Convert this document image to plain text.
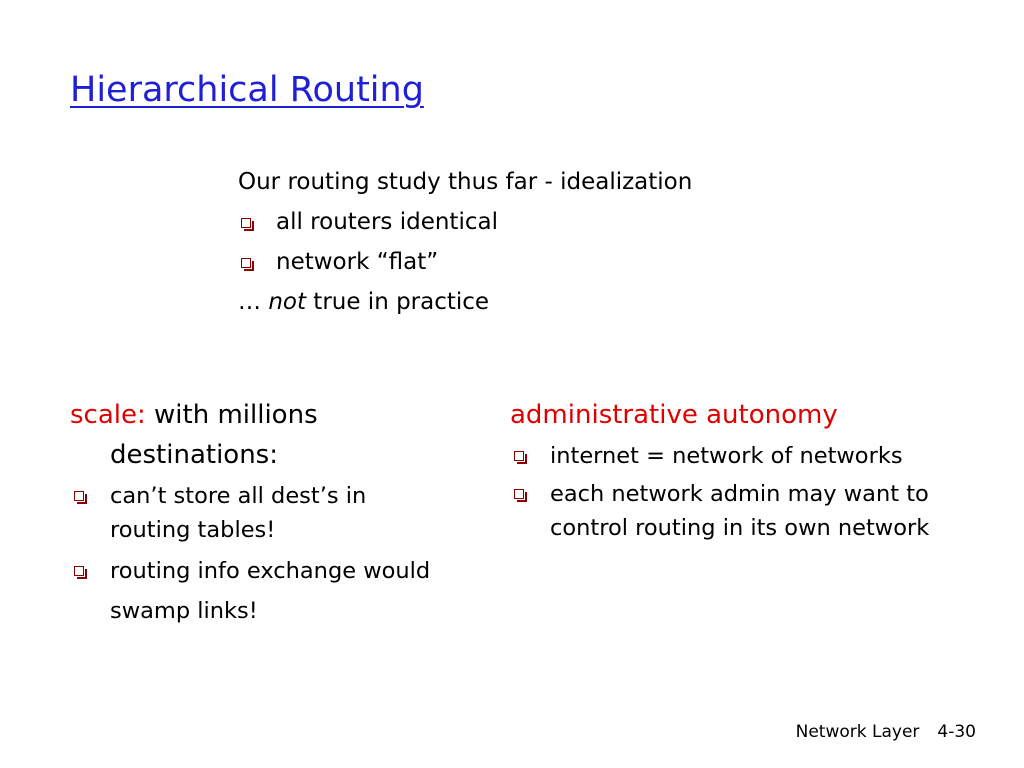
Hierarchical Routing
Our routing study thus far - idealization
all routers identical
network “flat”
… not true in practice

scale: with millions destinations:

can’t store all dest’s in routing tables!
routing info exchange would swamp links!

administrative autonomy

internet = network of networks
each network admin may want to control routing in its own network
Network Layer 4-30
